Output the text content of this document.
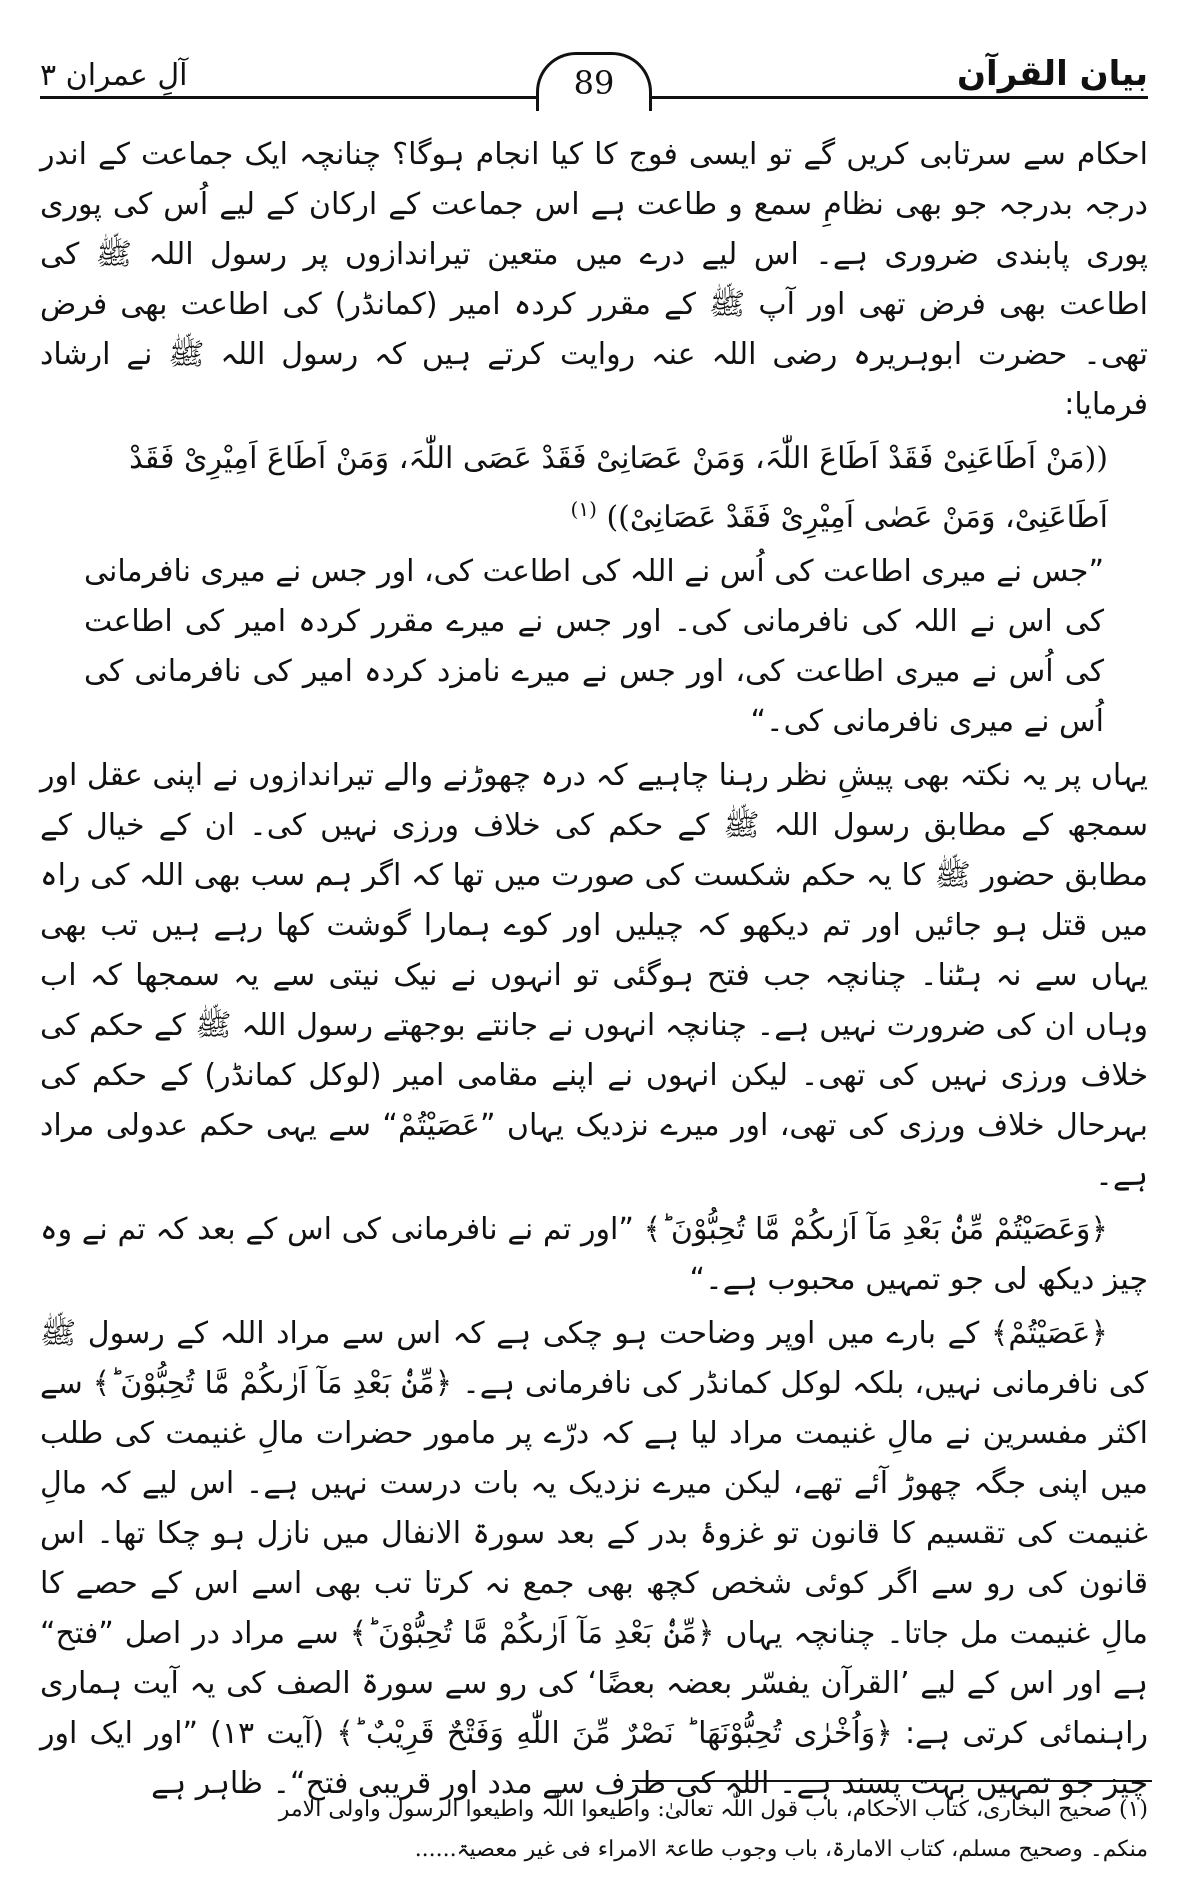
بیان القرآن
89
آلِ عمران ۳

احکام سے سرتابی کریں گے تو ایسی فوج کا کیا انجام ہوگا؟ چنانچہ ایک جماعت کے اندر درجہ بدرجہ جو بھی نظامِ سمع و طاعت ہے اس جماعت کے ارکان کے لیے اُس کی پوری پوری پابندی ضروری ہے۔ اس لیے درے میں متعین تیراندازوں پر رسول اللہ ﷺ کی اطاعت بھی فرض تھی اور آپ ﷺ کے مقرر کردہ امیر (کمانڈر) کی اطاعت بھی فرض تھی۔ حضرت ابوہریرہ رضی اللہ عنہ روایت کرتے ہیں کہ رسول اللہ ﷺ نے ارشاد فرمایا:

((مَنْ اَطَاعَنِیْ فَقَدْ اَطَاعَ اللّٰہَ، وَمَنْ عَصَانِیْ فَقَدْ عَصَی اللّٰہَ، وَمَنْ اَطَاعَ اَمِیْرِیْ فَقَدْ اَطَاعَنِیْ، وَمَنْ عَصٰی اَمِیْرِیْ فَقَدْ عَصَانِیْ)) $^{(۱)}$

”جس نے میری اطاعت کی اُس نے اللہ کی اطاعت کی، اور جس نے میری نافرمانی کی اس نے اللہ کی نافرمانی کی۔ اور جس نے میرے مقرر کردہ امیر کی اطاعت کی اُس نے میری اطاعت کی، اور جس نے میرے نامزد کردہ امیر کی نافرمانی کی اُس نے میری نافرمانی کی۔“

یہاں پر یہ نکتہ بھی پیشِ نظر رہنا چاہیے کہ درہ چھوڑنے والے تیراندازوں نے اپنی عقل اور سمجھ کے مطابق رسول اللہ ﷺ کے حکم کی خلاف ورزی نہیں کی۔ ان کے خیال کے مطابق حضور ﷺ کا یہ حکم شکست کی صورت میں تھا کہ اگر ہم سب بھی اللہ کی راہ میں قتل ہو جائیں اور تم دیکھو کہ چیلیں اور کوے ہمارا گوشت کھا رہے ہیں تب بھی یہاں سے نہ ہٹنا۔ چنانچہ جب فتح ہوگئی تو انہوں نے نیک نیتی سے یہ سمجھا کہ اب وہاں ان کی ضرورت نہیں ہے۔ چنانچہ انہوں نے جانتے بوجھتے رسول اللہ ﷺ کے حکم کی خلاف ورزی نہیں کی تھی۔ لیکن انہوں نے اپنے مقامی امیر (لوکل کمانڈر) کے حکم کی بہرحال خلاف ورزی کی تھی، اور میرے نزدیک یہاں ”عَصَیْتُمْ“ سے یہی حکم عدولی مراد ہے۔

﴿وَعَصَیْتُمْ مِّنْۢ بَعْدِ مَآ اَرٰىكُمْ مَّا تُحِبُّوْنَ ؕ﴾ ”اور تم نے نافرمانی کی اس کے بعد کہ تم نے وہ چیز دیکھ لی جو تمہیں محبوب ہے۔“

﴿عَصَیْتُمْ﴾ کے بارے میں اوپر وضاحت ہو چکی ہے کہ اس سے مراد اللہ کے رسول ﷺ کی نافرمانی نہیں، بلکہ لوکل کمانڈر کی نافرمانی ہے۔ ﴿مِّنْۢ بَعْدِ مَآ اَرٰىكُمْ مَّا تُحِبُّوْنَ ؕ﴾ سے اکثر مفسرین نے مالِ غنیمت مراد لیا ہے کہ درّے پر مامور حضرات مالِ غنیمت کی طلب میں اپنی جگہ چھوڑ آئے تھے، لیکن میرے نزدیک یہ بات درست نہیں ہے۔ اس لیے کہ مالِ غنیمت کی تقسیم کا قانون تو غزوۂ بدر کے بعد سورۃ الانفال میں نازل ہو چکا تھا۔ اس قانون کی رو سے اگر کوئی شخص کچھ بھی جمع نہ کرتا تب بھی اسے اس کے حصے کا مالِ غنیمت مل جاتا۔ چنانچہ یہاں ﴿مِّنْۢ بَعْدِ مَآ اَرٰىكُمْ مَّا تُحِبُّوْنَ ؕ﴾ سے مراد در اصل ”فتح“ ہے اور اس کے لیے ’القرآن یفسّر بعضہ بعضًا‘ کی رو سے سورۃ الصف کی یہ آیت ہماری راہنمائی کرتی ہے: ﴿وَاُخْرٰى تُحِبُّوْنَهَا ؕ نَصْرٌ مِّنَ اللّٰهِ وَفَتْحٌ قَرِیْبٌ ؕ﴾ (آیت ۱۳) ”اور ایک اور چیز جو تمہیں بہت پسند ہے۔ اللہ کی طرف سے مدد اور قریبی فتح“۔ ظاہر ہے

(۱) صحیح البخاری، کتاب الاحکام، باب قول اللّٰہ تعالیٰ: واطیعوا اللّٰہ واطیعوا الرسول واولی الامر

منکم۔ وصحیح مسلم، کتاب الامارۃ، باب وجوب طاعۃ الامراء فی غیر معصیۃ......
